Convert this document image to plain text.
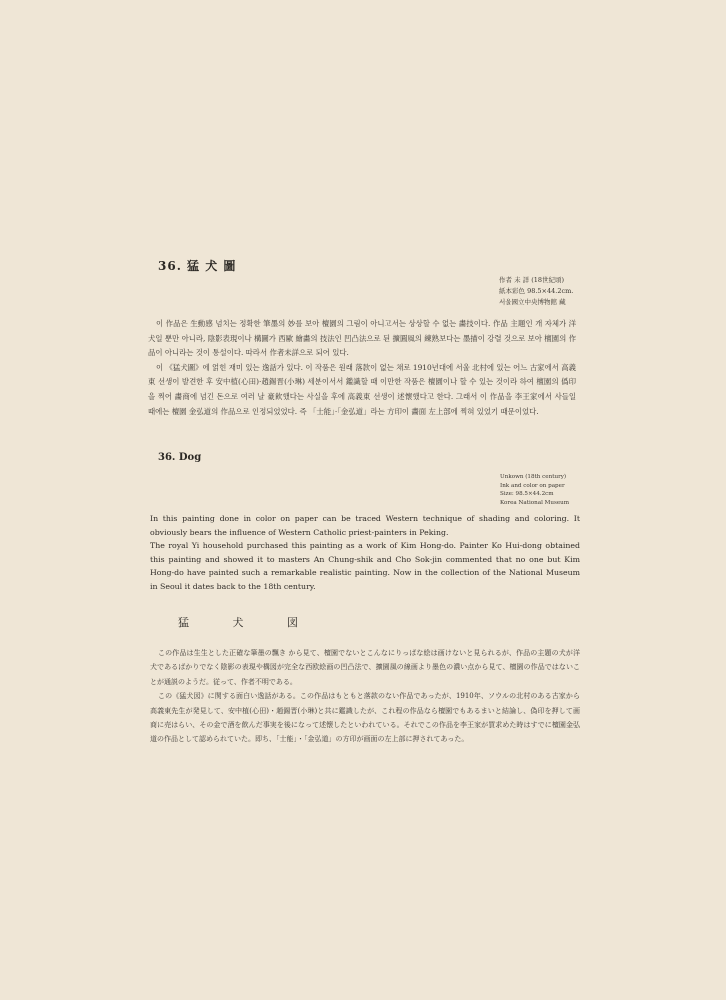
36. 猛 犬 圖
作者 未 詳 (18世紀頃)
紙本彩色 98.5×44.2cm.
서울國立中央博物館 藏

이 作品은 生動感 넘치는 정확한 筆墨의 妙를 보아 檀園의 그림이 아니고서는 상상할 수 없는 畵技이다. 作品 主題인 개 자체가 洋犬일 뿐만 아니라, 陰影表現이나 構圖가 西歐 繪畵의 技法인 凹凸法으로 된 擴圓風의 練熟보다는 墨描이 강렬 것으로 보아 檀園의 作品이 아니라는 것이 통설이다. 따라서 作者未詳으로 되어 있다.

이 《猛犬圖》에 얽힌 재미 있는 逸話가 있다. 이 작품은 원래 落款이 없는 채로 1910년대에 서울 北村에 있는 어느 古家에서 高義東 선생이 발견한 후 安中植(心田)·趙錫晋(小琳) 세분이서서 鑑識할 때 이만한 작품은 檀園이나 할 수 있는 것이라 하여 檀園의 僞印을 찍어 畵商에 넘긴 돈으로 여러 날 豪飮했다는 사실을 후에 高義東 선생이 述懷했다고 한다. 그래서 이 作品을 李王家에서 사들일 때에는 檀園 金弘道의 作品으로 인정되었었다. 즉 「士能」·「金弘道」라는 方印이 畵面 左上部에 찍혀 있었기 때문이었다.

36. Dog
Unkown (18th century)
Ink and color on paper
Size: 98.5×44.2cm
Korea National Museum

In this painting done in color on paper can be traced Western technique of shading and coloring. It obviously bears the influence of Western Catholic priest-painters in Peking.

The royal Yi household purchased this painting as a work of Kim Hong-do. Painter Ko Hui-dong obtained this painting and showed it to masters An Chung-shik and Cho Sok-jin commented that no one but Kim Hong-do have painted such a remarkable realistic painting. Now in the collection of the National Museum in Seoul it dates back to the 18th century.

猛 犬 図

この作品は生生とした正確な筆墨の飄き から見て、檀園でないとこんなにりっぱな絵は画けないと見られるが、作品の主題の犬が洋犬であるばかりでなく陰影の表現や構図が完全な西欧絵画の凹凸法で、擴園風の線画より墨色の濃い点から見て、檀園の作品ではないことが通説のようだ。従って、作者不明である。

この《猛犬図》に関する面白い逸話がある。この作品はもともと落款のない作品であったが、1910年、ソウルの北村のある古家から高義東先生が発見して、安中植(心田)・趙錫晋(小琳)と共に鑑識したが、これ程の作品なら檀園でもあるまいと結論し、偽印を押して画商に売はらい、その金で酒を飲んだ事実を後になって述懐したといわれている。それでこの作品を李王家が買求めた時はすでに檀園金弘道の作品として認められていた。即ち、「士能」・「金弘道」の方印が画面の左上部に押されてあった。
